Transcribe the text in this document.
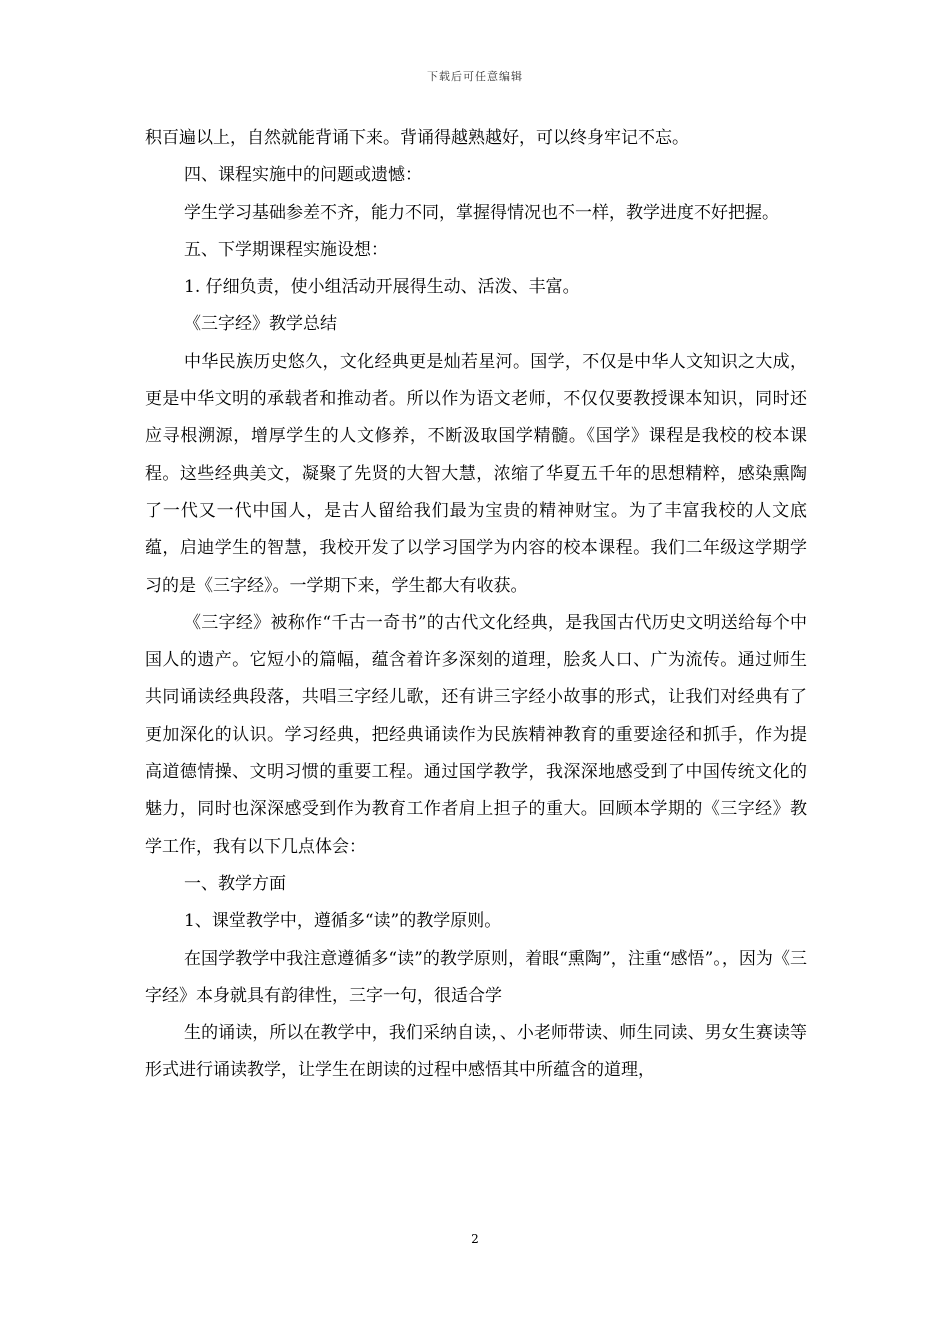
下载后可任意编辑

积百遍以上，自然就能背诵下来。背诵得越熟越好，可以终身牢记不忘。

四、课程实施中的问题或遗憾：

学生学习基础参差不齐，能力不同，掌握得情况也不一样，教学进度不好把握。

五、下学期课程实施设想：

1. 仔细负责，使小组活动开展得生动、活泼、丰富。

《三字经》教学总结

中华民族历史悠久，文化经典更是灿若星河。国学，不仅是中华人文知识之大成，更是中华文明的承载者和推动者。所以作为语文老师，不仅仅要教授课本知识，同时还应寻根溯源，增厚学生的人文修养，不断汲取国学精髓。《国学》课程是我校的校本课程。这些经典美文，凝聚了先贤的大智大慧，浓缩了华夏五千年的思想精粹，感染熏陶了一代又一代中国人，是古人留给我们最为宝贵的精神财宝。为了丰富我校的人文底蕴，启迪学生的智慧，我校开发了以学习国学为内容的校本课程。我们二年级这学期学习的是《三字经》。一学期下来，学生都大有收获。

《三字经》被称作“千古一奇书”的古代文化经典，是我国古代历史文明送给每个中国人的遗产。它短小的篇幅，蕴含着许多深刻的道理，脍炙人口、广为流传。通过师生共同诵读经典段落，共唱三字经儿歌，还有讲三字经小故事的形式，让我们对经典有了更加深化的认识。学习经典，把经典诵读作为民族精神教育的重要途径和抓手，作为提高道德情操、文明习惯的重要工程。通过国学教学，我深深地感受到了中国传统文化的魅力，同时也深深感受到作为教育工作者肩上担子的重大。回顾本学期的《三字经》教学工作，我有以下几点体会：

一、教学方面

1、课堂教学中，遵循多“读”的教学原则。

在国学教学中我注意遵循多“读”的教学原则，着眼“熏陶”，注重“感悟”。，因为《三字经》本身就具有韵律性，三字一句，很适合学

生的诵读，所以在教学中，我们采纳自读，、小老师带读、师生同读、男女生赛读等形式进行诵读教学，让学生在朗读的过程中感悟其中所蕴含的道理，

2
